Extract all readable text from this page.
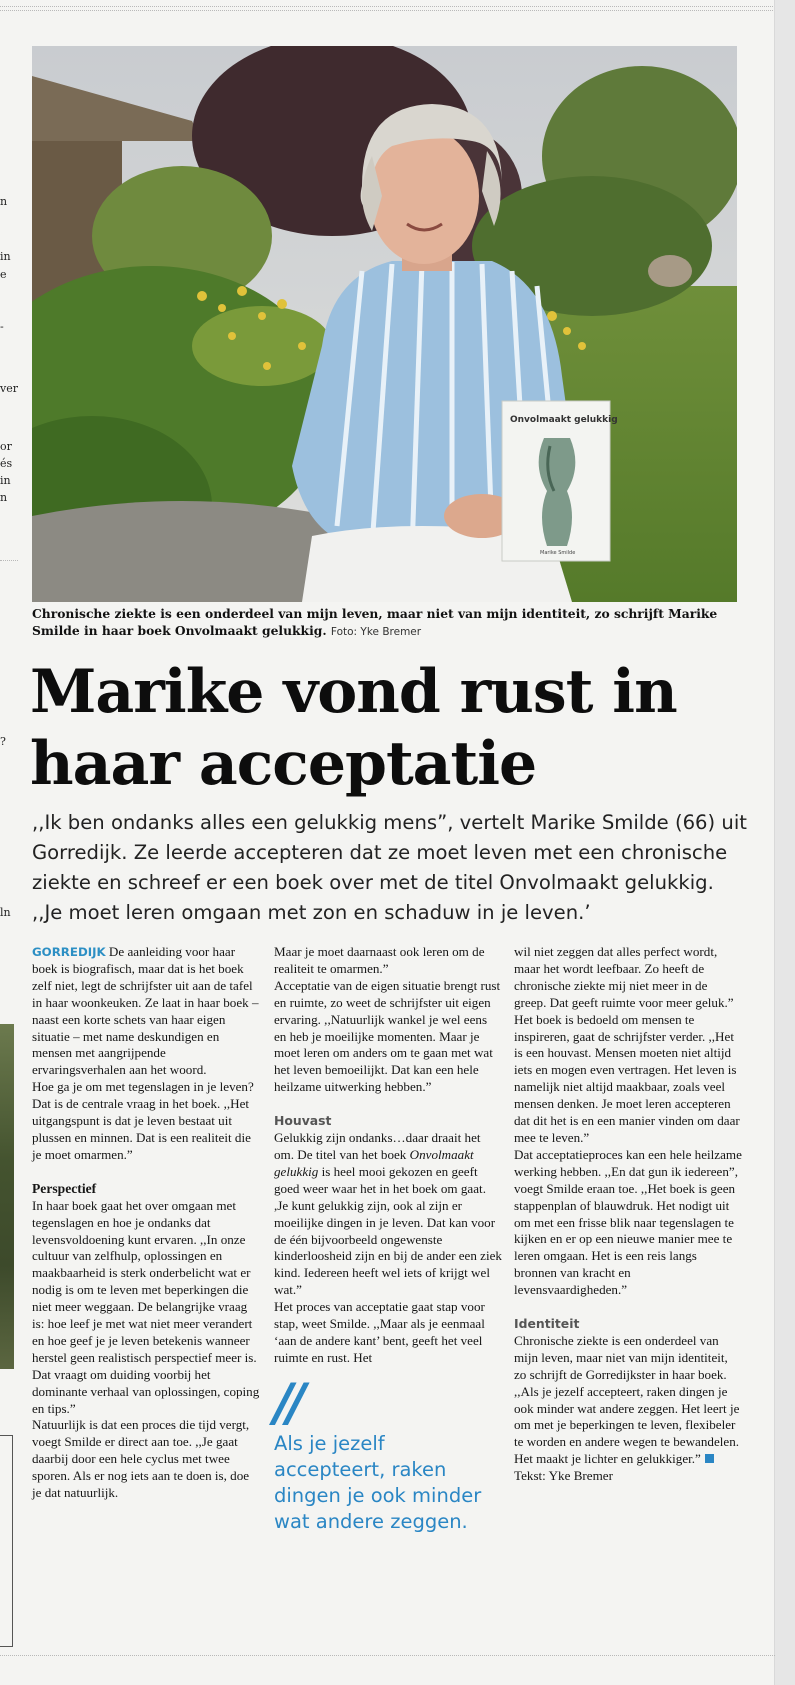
n
in
e
-
ver
or
és
in
n
?
ln
Onvolmaakt gelukkig
Marike Smilde
Chronische ziekte is een onderdeel van mijn leven, maar niet van mijn identiteit, zo schrijft Marike Smilde in haar boek Onvolmaakt gelukkig. Foto: Yke Bremer
Marike vond rust in haar acceptatie
,,Ik ben ondanks alles een gelukkig mens”, vertelt Marike Smilde (66) uit Gorredijk. Ze leerde accepteren dat ze moet leven met een chronische ziekte en schreef er een boek over met de titel Onvolmaakt gelukkig. ,,Je moet leren omgaan met zon en schaduw in je leven.’

GORREDIJK De aanleiding voor haar boek is biografisch, maar dat is het boek zelf niet, legt de schrijfster uit aan de tafel in haar woonkeuken. Ze laat in haar boek – naast een korte schets van haar eigen situatie – met name deskundigen en mensen met aangrijpende ervaringsverhalen aan het woord.

Hoe ga je om met tegenslagen in je leven? Dat is de centrale vraag in het boek. ,,Het uitgangspunt is dat je leven bestaat uit plussen en minnen. Dat is een realiteit die je moet omarmen.”

Perspectief

In haar boek gaat het over omgaan met tegenslagen en hoe je ondanks dat levensvoldoening kunt ervaren. ,,In onze cultuur van zelfhulp, oplossingen en maakbaarheid is sterk onderbelicht wat er nodig is om te leven met beperkingen die niet meer weggaan. De belangrijke vraag is: hoe leef je met wat niet meer verandert en hoe geef je je leven betekenis wanneer herstel geen realistisch perspectief meer is. Dat vraagt om duiding voorbij het dominante verhaal van oplossingen, coping en tips.”

Natuurlijk is dat een proces die tijd vergt, voegt Smilde er direct aan toe. ,,Je gaat daarbij door een hele cyclus met twee sporen. Als er nog iets aan te doen is, doe je dat natuurlijk.

Maar je moet daarnaast ook leren om de realiteit te omarmen.”

Acceptatie van de eigen situatie brengt rust en ruimte, zo weet de schrijfster uit eigen ervaring. ,,Natuurlijk wankel je wel eens en heb je moeilijke momenten. Maar je moet leren om anders om te gaan met wat het leven bemoeilijkt. Dat kan een hele heilzame uitwerking hebben.”

Houvast

Gelukkig zijn ondanks…daar draait het om. De titel van het boek Onvolmaakt gelukkig is heel mooi gekozen en geeft goed weer waar het in het boek om gaat. ,Je kunt gelukkig zijn, ook al zijn er moeilijke dingen in je leven. Dat kan voor de één bijvoorbeeld ongewenste kinderloosheid zijn en bij de ander een ziek kind. Iedereen heeft wel iets of krijgt wel wat.”

Het proces van acceptatie gaat stap voor stap, weet Smilde. ,,Maar als je eenmaal ‘aan de andere kant’ bent, geeft het veel ruimte en rust. Het

//
Als je jezelf accepteert, raken dingen je ook minder wat andere zeggen.

wil niet zeggen dat alles perfect wordt, maar het wordt leefbaar. Zo heeft de chronische ziekte mij niet meer in de greep. Dat geeft ruimte voor meer geluk.”

Het boek is bedoeld om mensen te inspireren, gaat de schrijfster verder. ,,Het is een houvast. Mensen moeten niet altijd iets en mogen even vertragen. Het leven is namelijk niet altijd maakbaar, zoals veel mensen denken. Je moet leren accepteren dat dit het is en een manier vinden om daar mee te leven.”

Dat acceptatieproces kan een hele heilzame werking hebben. ,,En dat gun ik iedereen”, voegt Smilde eraan toe. ,,Het boek is geen stappenplan of blauwdruk. Het nodigt uit om met een frisse blik naar tegenslagen te kijken en er op een nieuwe manier mee te leren omgaan. Het is een reis langs bronnen van kracht en levensvaardigheden.”

Identiteit

Chronische ziekte is een onderdeel van mijn leven, maar niet van mijn identiteit, zo schrijft de Gorredijkster in haar boek. ,,Als je jezelf accepteert, raken dingen je ook minder wat andere zeggen. Het leert je om met je beperkingen te leven, flexibeler te worden en andere wegen te bewandelen. Het maakt je lichter en gelukkiger.”

Tekst: Yke Bremer
